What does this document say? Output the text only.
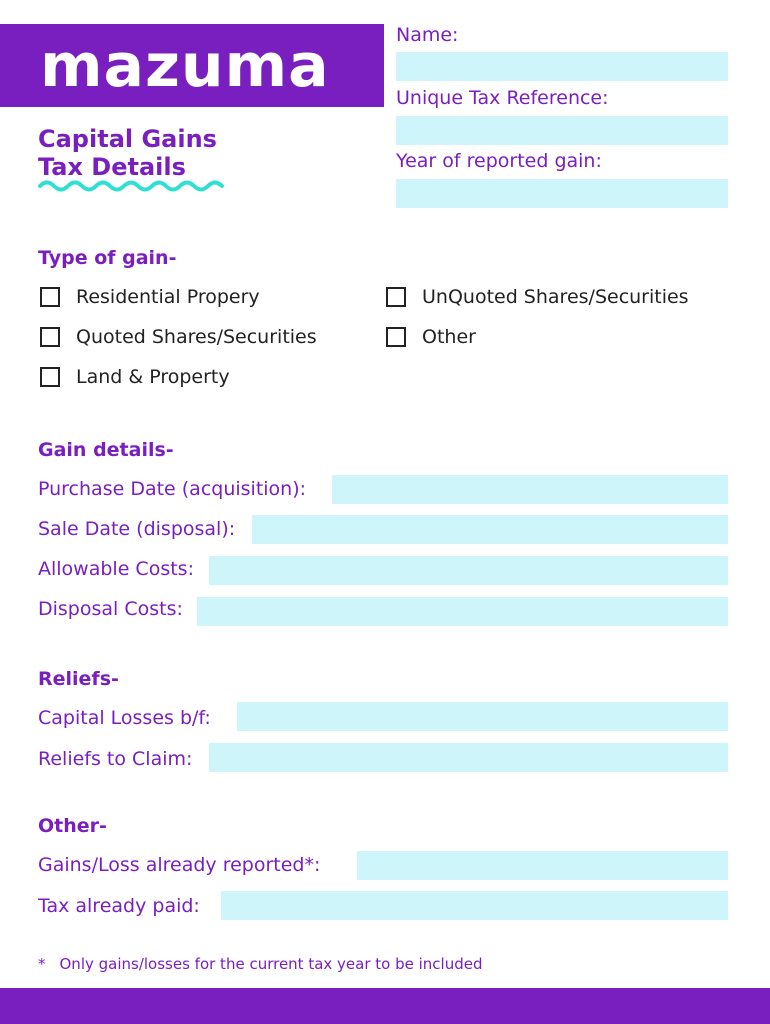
mazuma
Capital Gains
Tax Details
Name:
Unique Tax Reference:
Year of reported gain:
Type of gain-
Residential Propery
Quoted Shares/Securities
Land & Property
UnQuoted Shares/Securities
Other
Gain details-
Purchase Date (acquisition):
Sale Date (disposal):
Allowable Costs:
Disposal Costs:
Reliefs-
Capital Losses b/f:
Reliefs to Claim:
Other-
Gains/Loss already reported*:
Tax already paid:
* Only gains/losses for the current tax year to be included
